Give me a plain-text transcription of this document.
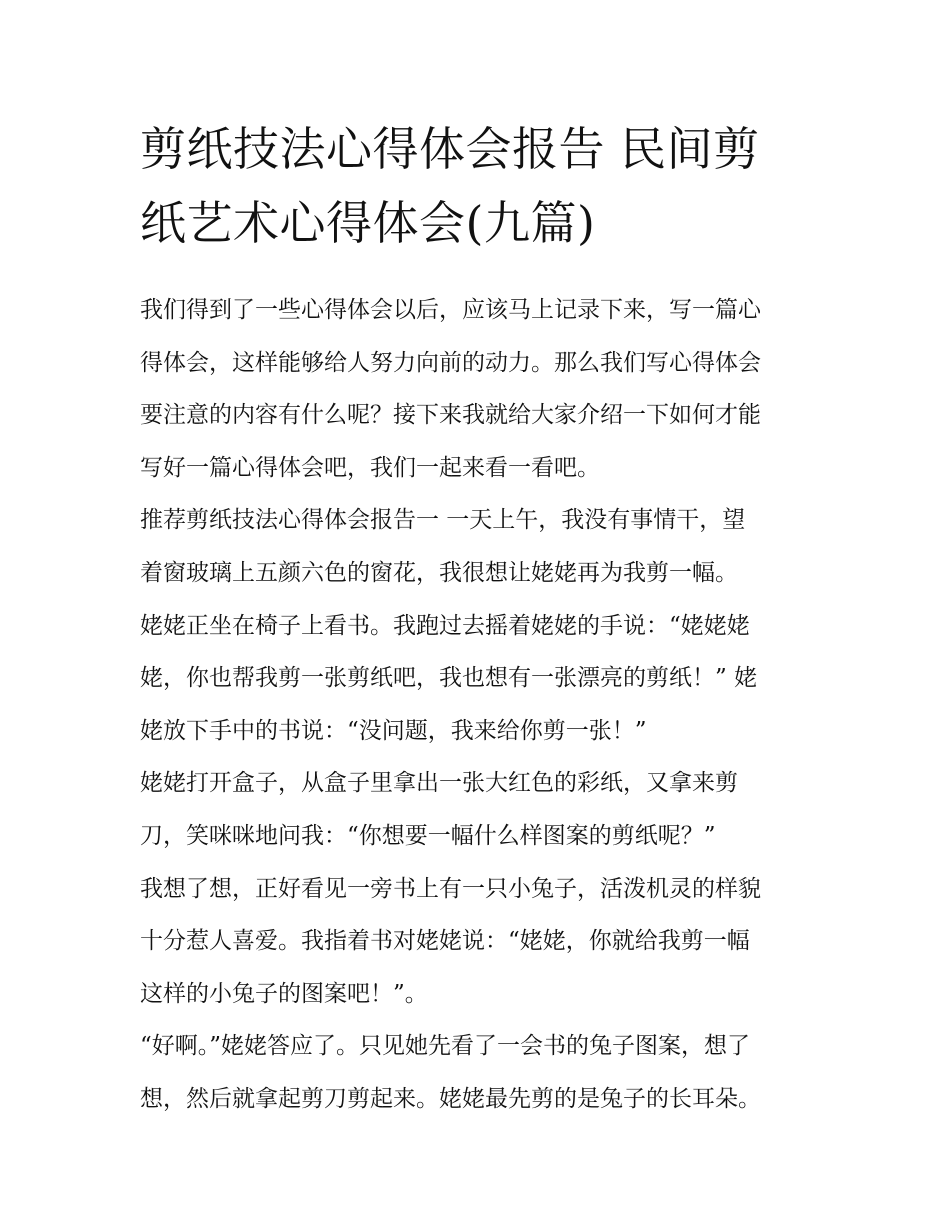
剪纸技法心得体会报告 民间剪
纸艺术心得体会(九篇)
我们得到了一些心得体会以后，应该马上记录下来，写一篇心
得体会，这样能够给人努力向前的动力。那么我们写心得体会
要注意的内容有什么呢？接下来我就给大家介绍一下如何才能
写好一篇心得体会吧，我们一起来看一看吧。
推荐剪纸技法心得体会报告一 一天上午，我没有事情干，望
着窗玻璃上五颜六色的窗花，我很想让姥姥再为我剪一幅。
姥姥正坐在椅子上看书。我跑过去摇着姥姥的手说：“姥姥姥
姥，你也帮我剪一张剪纸吧，我也想有一张漂亮的剪纸！” 姥
姥放下手中的书说：“没问题，我来给你剪一张！”
姥姥打开盒子，从盒子里拿出一张大红色的彩纸，又拿来剪
刀，笑咪咪地问我：“你想要一幅什么样图案的剪纸呢？”
我想了想，正好看见一旁书上有一只小兔子，活泼机灵的样貌
十分惹人喜爱。我指着书对姥姥说：“姥姥，你就给我剪一幅
这样的小兔子的图案吧！”。
“好啊。”姥姥答应了。只见她先看了一会书的兔子图案，想了
想，然后就拿起剪刀剪起来。姥姥最先剪的是兔子的长耳朵。
